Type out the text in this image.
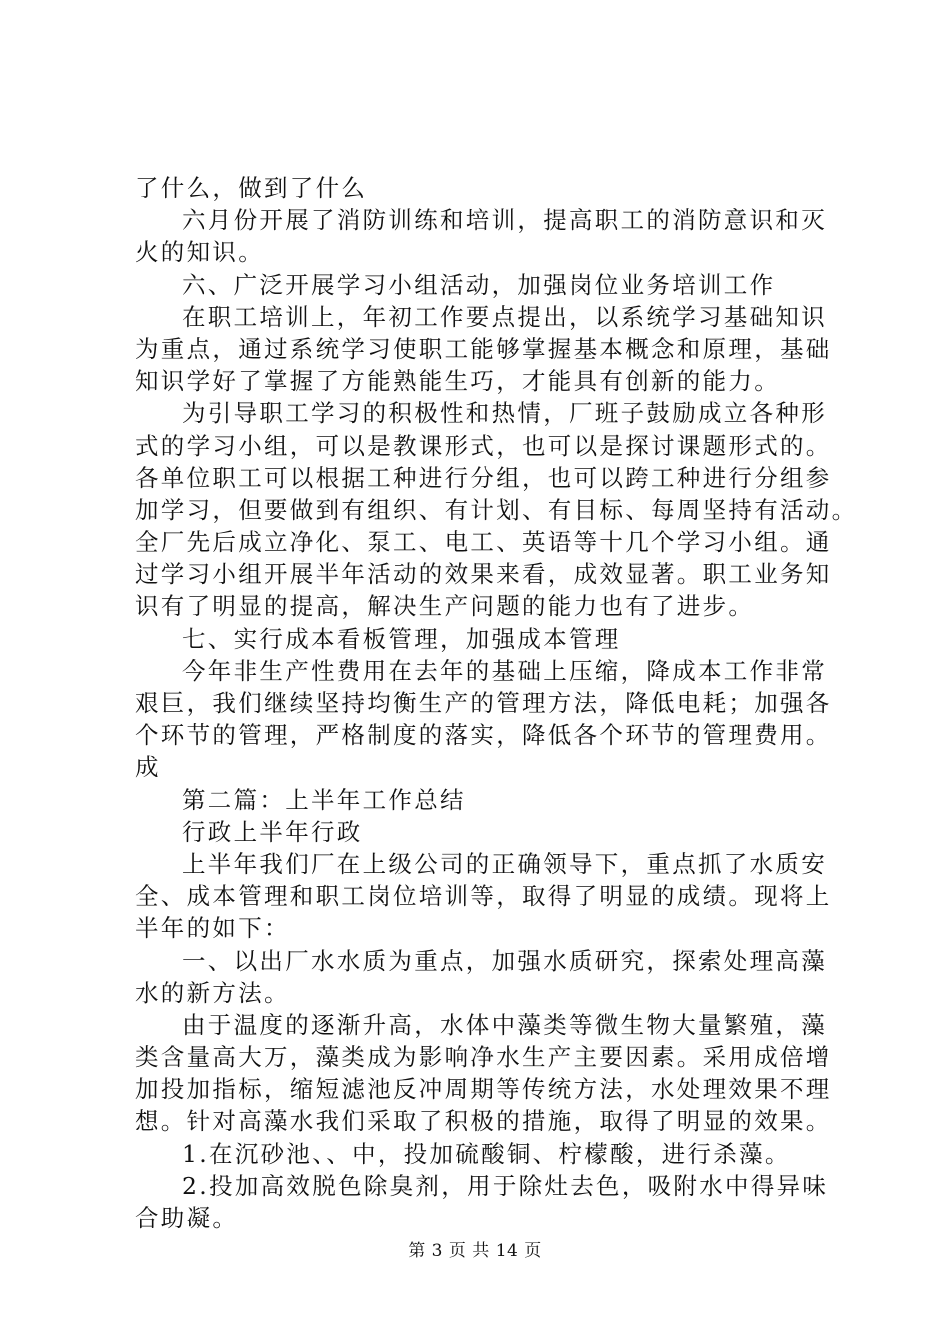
了什么，做到了什么
六月份开展了消防训练和培训，提高职工的消防意识和灭
火的知识。
六、广泛开展学习小组活动，加强岗位业务培训工作
在职工培训上，年初工作要点提出，以系统学习基础知识
为重点，通过系统学习使职工能够掌握基本概念和原理，基础
知识学好了掌握了方能熟能生巧，才能具有创新的能力。
为引导职工学习的积极性和热情，厂班子鼓励成立各种形
式的学习小组，可以是教课形式，也可以是探讨课题形式的。
各单位职工可以根据工种进行分组，也可以跨工种进行分组参
加学习，但要做到有组织、有计划、有目标、每周坚持有活动。
全厂先后成立净化、泵工、电工、英语等十几个学习小组。通
过学习小组开展半年活动的效果来看，成效显著。职工业务知
识有了明显的提高，解决生产问题的能力也有了进步。
七、实行成本看板管理，加强成本管理
今年非生产性费用在去年的基础上压缩，降成本工作非常
艰巨，我们继续坚持均衡生产的管理方法，降低电耗；加强各
个环节的管理，严格制度的落实，降低各个环节的管理费用。
成
第二篇：上半年工作总结
行政上半年行政
上半年我们厂在上级公司的正确领导下，重点抓了水质安
全、成本管理和职工岗位培训等，取得了明显的成绩。现将上
半年的如下：
一、以出厂水水质为重点，加强水质研究，探索处理高藻
水的新方法。
由于温度的逐渐升高，水体中藻类等微生物大量繁殖，藻
类含量高大万，藻类成为影响净水生产主要因素。采用成倍增
加投加指标，缩短滤池反冲周期等传统方法，水处理效果不理
想。针对高藻水我们采取了积极的措施，取得了明显的效果。
1.在沉砂池、、中，投加硫酸铜、柠檬酸，进行杀藻。
2.投加高效脱色除臭剂，用于除灶去色，吸附水中得异味
合助凝。
第 3 页 共 14 页
